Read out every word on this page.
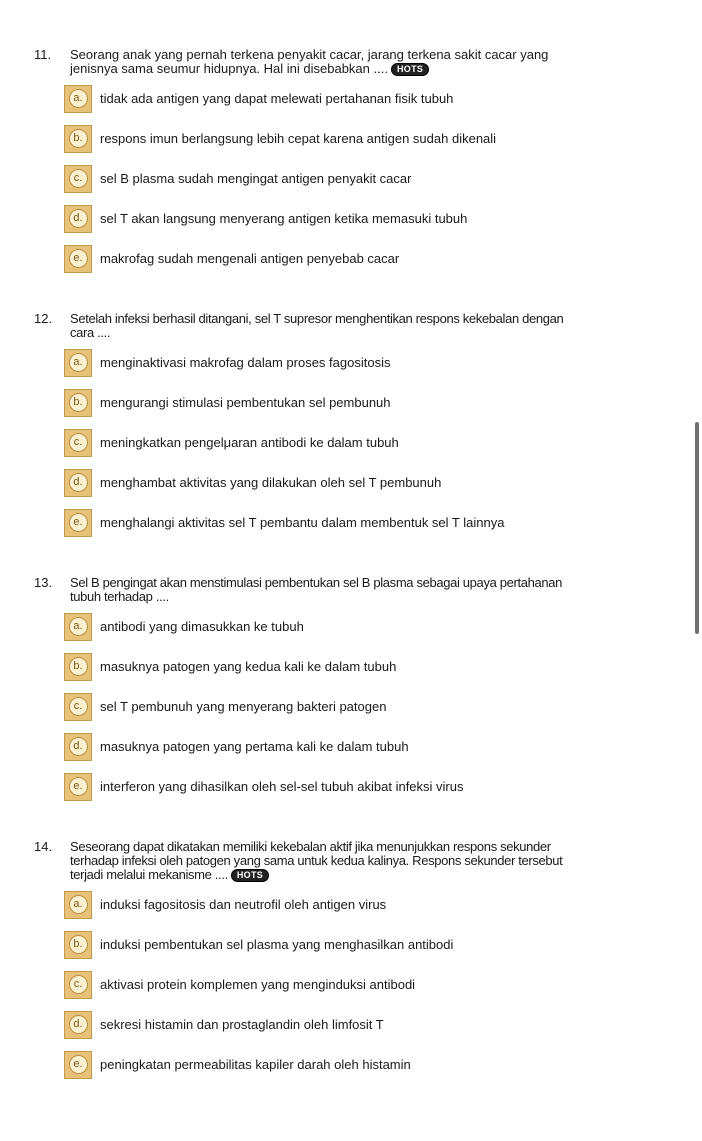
11.	Seorang anak yang pernah terkena penyakit cacar, jarang terkena sakit cacar yang
jenisnya sama seumur hidupnya. Hal ini disebabkan .... HOTS
a.	tidak ada antigen yang dapat melewati pertahanan fisik tubuh
b.	respons imun berlangsung lebih cepat karena antigen sudah dikenali
c.	sel B plasma sudah mengingat antigen penyakit cacar
d.	sel T akan langsung menyerang antigen ketika memasuki tubuh
e.	makrofag sudah mengenali antigen penyebab cacar
12.	Setelah infeksi berhasil ditangani, sel T supresor menghentikan respons kekebalan dengan
cara ....
a.	menginaktivasi makrofag dalam proses fagositosis
b.	mengurangi stimulasi pembentukan sel pembunuh
c.	meningkatkan pengelμaran antibodi ke dalam tubuh
d.	menghambat aktivitas yang dilakukan oleh sel T pembunuh
e.	menghalangi aktivitas sel T pembantu dalam membentuk sel T lainnya
13.	Sel B pengingat akan menstimulasi pembentukan sel B plasma sebagai upaya pertahanan
tubuh terhadap ....
a.	antibodi yang dimasukkan ke tubuh
b.	masuknya patogen yang kedua kali ke dalam tubuh
c.	sel T pembunuh yang menyerang bakteri patogen
d.	masuknya patogen yang pertama kali ke dalam tubuh
e.	interferon yang dihasilkan oleh sel-sel tubuh akibat infeksi virus
14.	Seseorang dapat dikatakan memiliki kekebalan aktif jika menunjukkan respons sekunder
terhadap infeksi oleh patogen yang sama untuk kedua kalinya. Respons sekunder tersebut
terjadi melalui mekanisme .... HOTS
a.	induksi fagositosis dan neutrofil oleh antigen virus
b.	induksi pembentukan sel plasma yang menghasilkan antibodi
c.	aktivasi protein komplemen yang menginduksi antibodi
d.	sekresi histamin dan prostaglandin oleh limfosit T
e.	peningkatan permeabilitas kapiler darah oleh histamin
